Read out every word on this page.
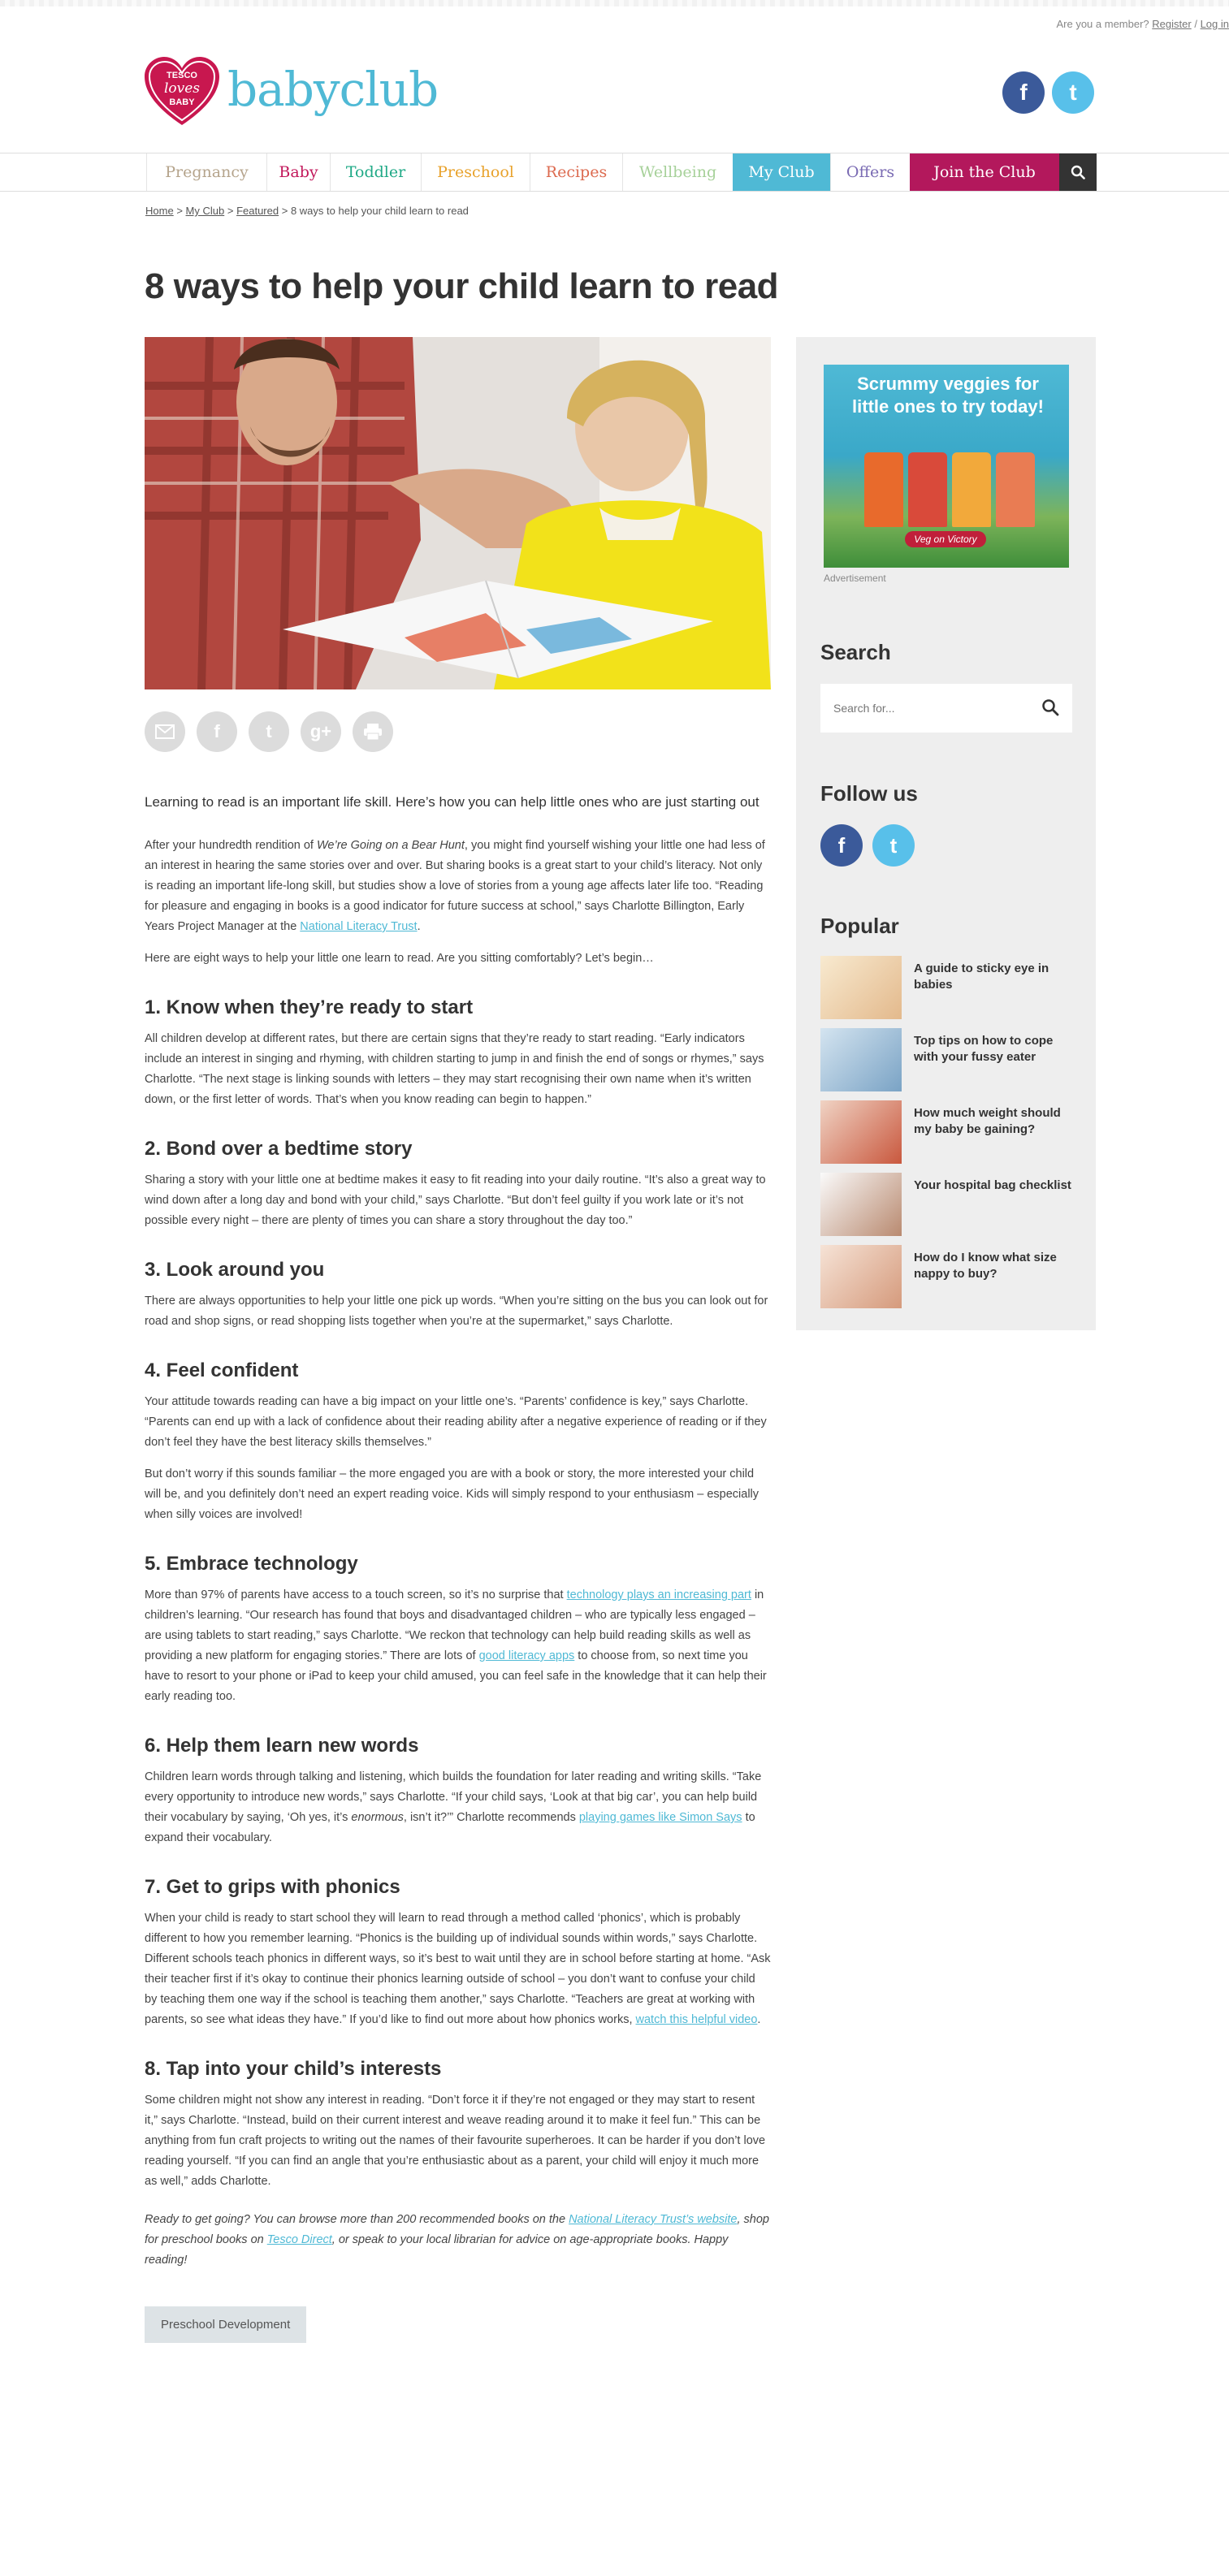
Are you a member? Register / Log in
TESCO
loves
BABY babyclub	f	t
Pregnancy	Baby	Toddler	Preschool	Recipes	Wellbeing	My Club	Offers	Join the Club
Home > My Club > Featured > 8 ways to help your child learn to read
8 ways to help your child learn to read
f	t	g+

Learning to read is an important life skill. Here’s how you can help little ones who are just starting out

After your hundredth rendition of We’re Going on a Bear Hunt, you might find yourself wishing your little one had less of an interest in hearing the same stories over and over. But sharing books is a great start to your child’s literacy. Not only is reading an important life-long skill, but studies show a love of stories from a young age affects later life too. “Reading for pleasure and engaging in books is a good indicator for future success at school,” says Charlotte Billington, Early Years Project Manager at the National Literacy Trust.

Here are eight ways to help your little one learn to read. Are you sitting comfortably? Let’s begin…

1. Know when they’re ready to start

All children develop at different rates, but there are certain signs that they’re ready to start reading. “Early indicators include an interest in singing and rhyming, with children starting to jump in and finish the end of songs or rhymes,” says Charlotte. “The next stage is linking sounds with letters – they may start recognising their own name when it’s written down, or the first letter of words. That’s when you know reading can begin to happen.”

2. Bond over a bedtime story

Sharing a story with your little one at bedtime makes it easy to fit reading into your daily routine. “It’s also a great way to wind down after a long day and bond with your child,” says Charlotte. “But don’t feel guilty if you work late or it’s not possible every night – there are plenty of times you can share a story throughout the day too.”

3. Look around you

There are always opportunities to help your little one pick up words. “When you’re sitting on the bus you can look out for road and shop signs, or read shopping lists together when you’re at the supermarket,” says Charlotte.

4. Feel confident

Your attitude towards reading can have a big impact on your little one’s. “Parents’ confidence is key,” says Charlotte. “Parents can end up with a lack of confidence about their reading ability after a negative experience of reading or if they don’t feel they have the best literacy skills themselves.”

But don’t worry if this sounds familiar – the more engaged you are with a book or story, the more interested your child will be, and you definitely don’t need an expert reading voice. Kids will simply respond to your enthusiasm – especially when silly voices are involved!

5. Embrace technology

More than 97% of parents have access to a touch screen, so it’s no surprise that technology plays an increasing part in children’s learning. “Our research has found that boys and disadvantaged children – who are typically less engaged – are using tablets to start reading,” says Charlotte. “We reckon that technology can help build reading skills as well as providing a new platform for engaging stories.” There are lots of good literacy apps to choose from, so next time you have to resort to your phone or iPad to keep your child amused, you can feel safe in the knowledge that it can help their early reading too.

6. Help them learn new words

Children learn words through talking and listening, which builds the foundation for later reading and writing skills. “Take every opportunity to introduce new words,” says Charlotte. “If your child says, ‘Look at that big car’, you can help build their vocabulary by saying, ‘Oh yes, it’s enormous, isn’t it?’” Charlotte recommends playing games like Simon Says to expand their vocabulary.

7. Get to grips with phonics

When your child is ready to start school they will learn to read through a method called ‘phonics’, which is probably different to how you remember learning. “Phonics is the building up of individual sounds within words,” says Charlotte. Different schools teach phonics in different ways, so it’s best to wait until they are in school before starting at home. “Ask their teacher first if it’s okay to continue their phonics learning outside of school – you don’t want to confuse your child by teaching them one way if the school is teaching them another,” says Charlotte. “Teachers are great at working with parents, so see what ideas they have.” If you’d like to find out more about how phonics works, watch this helpful video.

8. Tap into your child’s interests

Some children might not show any interest in reading. “Don’t force it if they’re not engaged or they may start to resent it,” says Charlotte. “Instead, build on their current interest and weave reading around it to make it feel fun.” This can be anything from fun craft projects to writing out the names of their favourite superheroes. It can be harder if you don’t love reading yourself. “If you can find an angle that you’re enthusiastic about as a parent, your child will enjoy it much more as well,” adds Charlotte.

Ready to get going? You can browse more than 200 recommended books on the National Literacy Trust’s website, shop for preschool books on Tesco Direct, or speak to your local librarian for advice on age-appropriate books. Happy reading!

Preschool Development
Scrummy veggies for little ones to try today!
Veg on Victory
Advertisement
Search
Search for...
Follow us
f	t
Popular
A guide to sticky eye in babies
Top tips on how to cope with your fussy eater
How much weight should my baby be gaining?
Your hospital bag checklist
How do I know what size nappy to buy?
